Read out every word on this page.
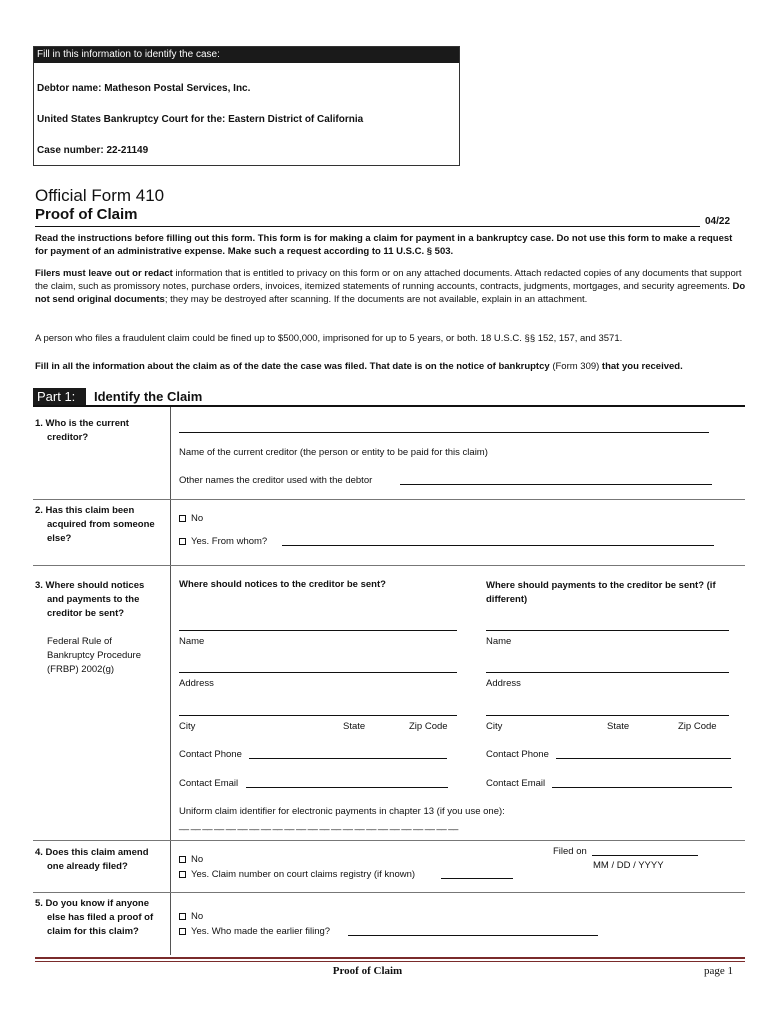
Fill in this information to identify the case:
Debtor name: Matheson Postal Services, Inc.
United States Bankruptcy Court for the: Eastern District of California
Case number: 22-21149
Official Form 410
Proof of Claim	04/22
Read the instructions before filling out this form. This form is for making a claim for payment in a bankruptcy case. Do not use this form to make a request for payment of an administrative expense. Make such a request according to 11 U.S.C. § 503.
Filers must leave out or redact information that is entitled to privacy on this form or on any attached documents. Attach redacted copies of any documents that support the claim, such as promissory notes, purchase orders, invoices, itemized statements of running accounts, contracts, judgments, mortgages, and security agreements. Do not send original documents; they may be destroyed after scanning. If the documents are not available, explain in an attachment.
A person who files a fraudulent claim could be fined up to $500,000, imprisoned for up to 5 years, or both. 18 U.S.C. §§ 152, 157, and 3571.
Fill in all the information about the claim as of the date the case was filed. That date is on the notice of bankruptcy (Form 309) that you received.
Part 1:	Identify the Claim
1. Who is the current
creditor?
Name of the current creditor (the person or entity to be paid for this claim)
Other names the creditor used with the debtor
2. Has this claim been
acquired from someone
else?
No
Yes. From whom?
3. Where should notices
and payments to the
creditor be sent?
Federal Rule of
Bankruptcy Procedure
(FRBP) 2002(g)
Where should notices to the creditor be sent?	Where should payments to the creditor be sent? (if
different)
Name
Address
City	State	Zip Code
Contact Phone
Contact Email
Name
Address
City	State	Zip Code
Contact Phone
Contact Email
Uniform claim identifier for electronic payments in chapter 13 (if you use one):
__ __ __ __ __ __ __ __ __ __ __ __ __ __ __ __ __ __ __ __ __ __ __ __
4. Does this claim amend
one already filed?
No
Yes. Claim number on court claims registry (if known)
Filed on
MM / DD / YYYY
5. Do you know if anyone
else has filed a proof of
claim for this claim?
No
Yes. Who made the earlier filing?
Proof of Claim	page 1
